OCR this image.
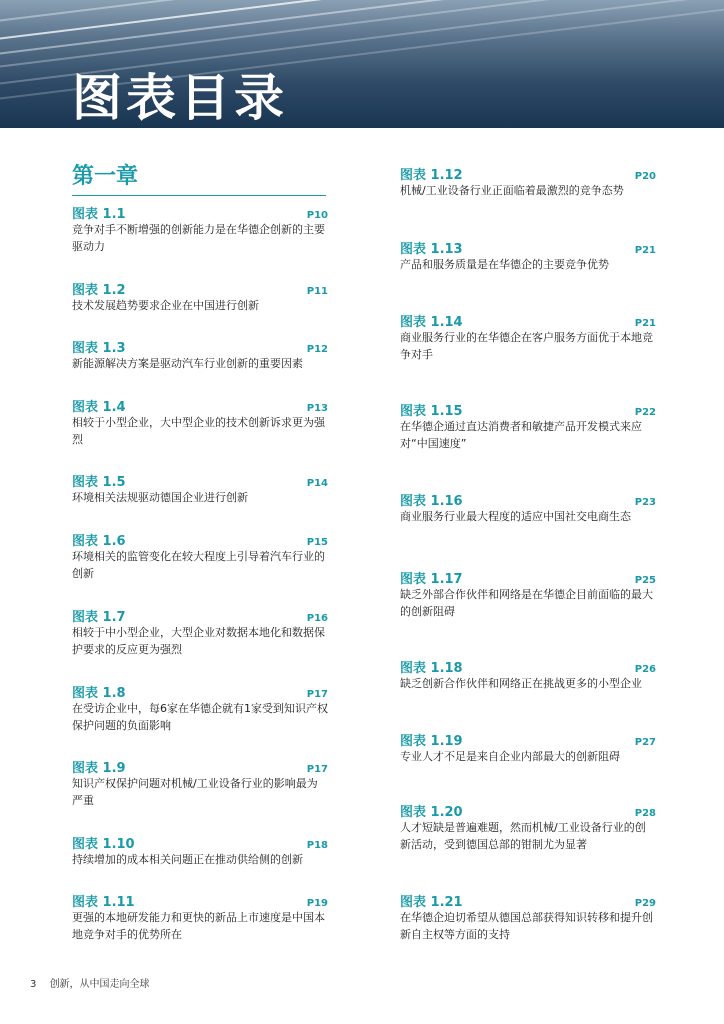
图表目录
第一章
图表 1.1	P10
竞争对手不断增强的创新能力是在华德企创新的主要驱动力
图表 1.2	P11
技术发展趋势要求企业在中国进行创新
图表 1.3	P12
新能源解决方案是驱动汽车行业创新的重要因素
图表 1.4	P13
相较于小型企业，大中型企业的技术创新诉求更为强烈
图表 1.5	P14
环境相关法规驱动德国企业进行创新
图表 1.6	P15
环境相关的监管变化在较大程度上引导着汽车行业的创新
图表 1.7	P16
相较于中小型企业，大型企业对数据本地化和数据保护要求的反应更为强烈
图表 1.8	P17
在受访企业中，每6家在华德企就有1家受到知识产权保护问题的负面影响
图表 1.9	P17
知识产权保护问题对机械/工业设备行业的影响最为严重
图表 1.10	P18
持续增加的成本相关问题正在推动供给侧的创新
图表 1.11	P19
更强的本地研发能力和更快的新品上市速度是中国本地竞争对手的优势所在
图表 1.12	P20
机械/工业设备行业正面临着最激烈的竞争态势
图表 1.13	P21
产品和服务质量是在华德企的主要竞争优势
图表 1.14	P21
商业服务行业的在华德企在客户服务方面优于本地竞争对手
图表 1.15	P22
在华德企通过直达消费者和敏捷产品开发模式来应对“中国速度”
图表 1.16	P23
商业服务行业最大程度的适应中国社交电商生态
图表 1.17	P25
缺乏外部合作伙伴和网络是在华德企目前面临的最大的创新阻碍
图表 1.18	P26
缺乏创新合作伙伴和网络正在挑战更多的小型企业
图表 1.19	P27
专业人才不足是来自企业内部最大的创新阻碍
图表 1.20	P28
人才短缺是普遍难题，然而机械/工业设备行业的创新活动，受到德国总部的钳制尤为显著
图表 1.21	P29
在华德企迫切希望从德国总部获得知识转移和提升创新自主权等方面的支持
3 创新，从中国走向全球
